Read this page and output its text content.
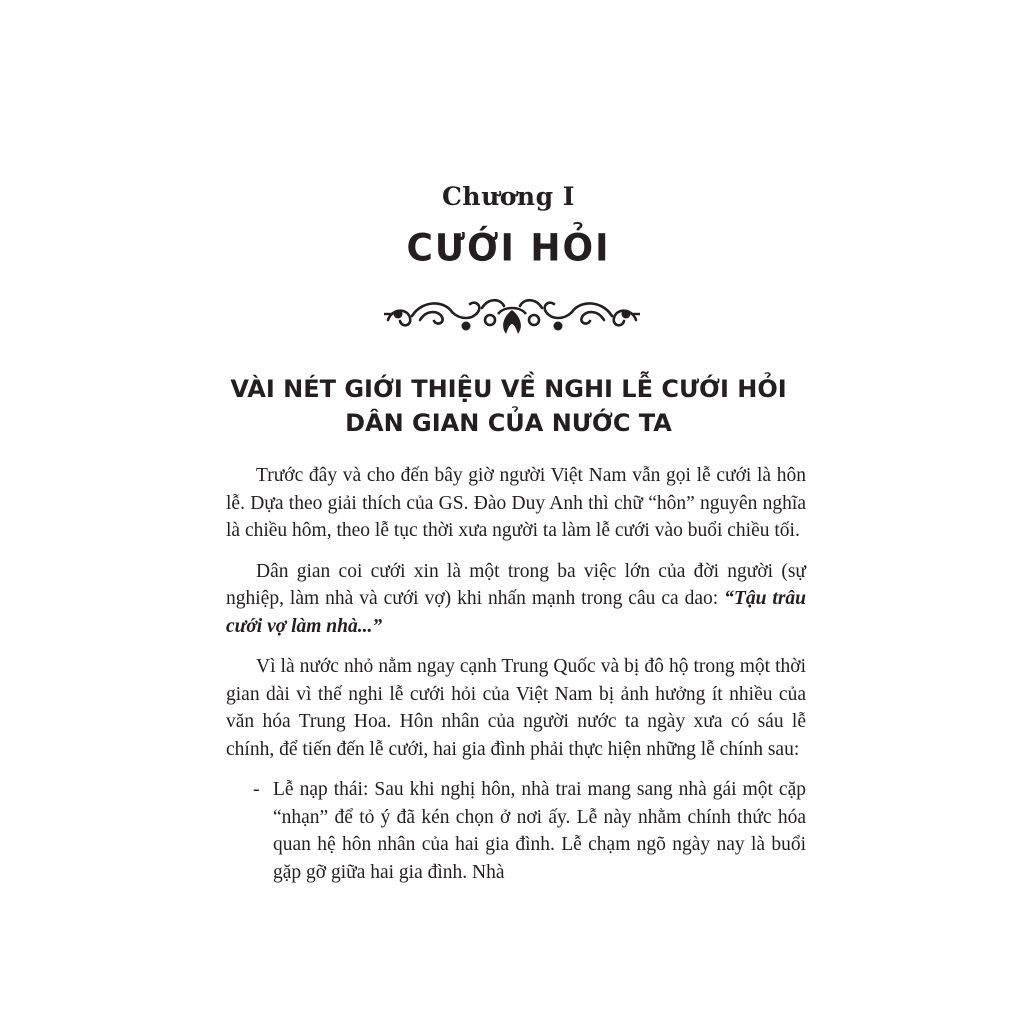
Chương I
CƯỚI HỎI
VÀI NÉT GIỚI THIỆU VỀ NGHI LỄ CƯỚI HỎI
DÂN GIAN CỦA NƯỚC TA

Trước đây và cho đến bây giờ người Việt Nam vẫn gọi lễ cưới là hôn lễ. Dựa theo giải thích của GS. Đào Duy Anh thì chữ “hôn” nguyên nghĩa là chiều hôm, theo lễ tục thời xưa người ta làm lễ cưới vào buổi chiều tối.

Dân gian coi cưới xin là một trong ba việc lớn của đời người (sự nghiệp, làm nhà và cưới vợ) khi nhấn mạnh trong câu ca dao: “Tậu trâu cưới vợ làm nhà...”

Vì là nước nhỏ nằm ngay cạnh Trung Quốc và bị đô hộ trong một thời gian dài vì thế nghi lễ cưới hỏi của Việt Nam bị ảnh hưởng ít nhiều của văn hóa Trung Hoa. Hôn nhân của người nước ta ngày xưa có sáu lễ chính, để tiến đến lễ cưới, hai gia đình phải thực hiện những lễ chính sau:

- Lễ nạp thái: Sau khi nghị hôn, nhà trai mang sang nhà gái một cặp “nhạn” để tỏ ý đã kén chọn ở nơi ấy. Lễ này nhằm chính thức hóa quan hệ hôn nhân của hai gia đình. Lễ chạm ngõ ngày nay là buổi gặp gỡ giữa hai gia đình. Nhà
